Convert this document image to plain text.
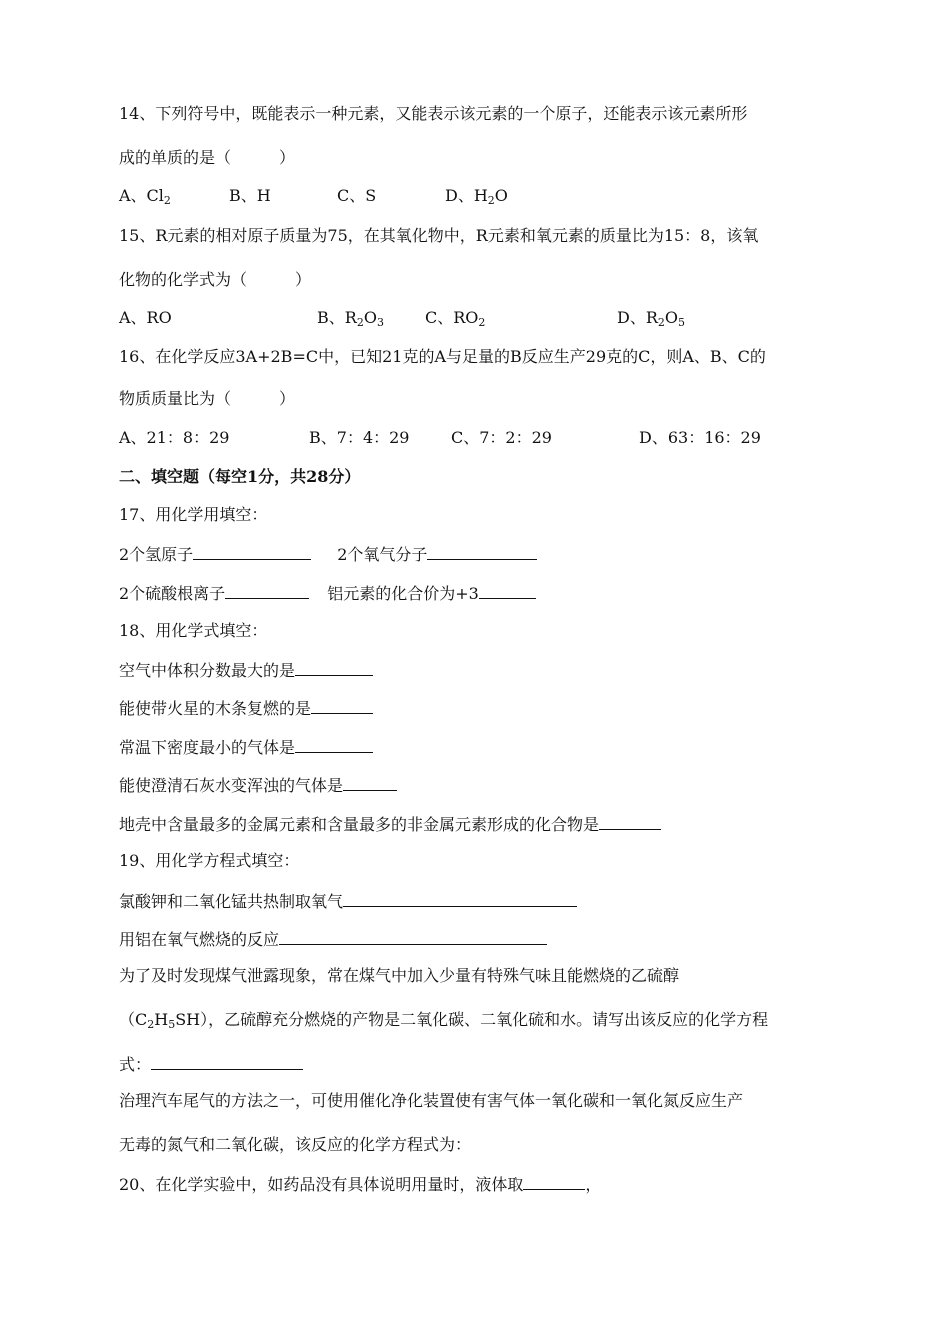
14、下列符号中，既能表示一种元素，又能表示该元素的一个原子，还能表示该元素所形
成的单质的是（　　　）
A、$Cl_2$	B、H	C、S	D、$H_2O$
15、R元素的相对原子质量为75，在其氧化物中，R元素和氧元素的质量比为15：8，该氧
化物的化学式为（　　　）
A、RO	B、$R_2O_3$	C、$RO_2$	D、$R_2O_5$
16、在化学反应3A+2B=C中，已知21克的A与足量的B反应生产29克的C，则A、B、C的
物质质量比为（　　　）
A、21：8：29	B、7：4：29	C、7：2：29	D、63：16：29
二、填空题（每空1分，共28分）
17、用化学用填空：
2个氢原子	2个氧气分子
2个硫酸根离子	铝元素的化合价为+3
18、用化学式填空：
空气中体积分数最大的是
能使带火星的木条复燃的是
常温下密度最小的气体是
能使澄清石灰水变浑浊的气体是
地壳中含量最多的金属元素和含量最多的非金属元素形成的化合物是
19、用化学方程式填空：
氯酸钾和二氧化锰共热制取氧气
用铝在氧气燃烧的反应
为了及时发现煤气泄露现象，常在煤气中加入少量有特殊气味且能燃烧的乙硫醇
$(C_2H_5SH)$，乙硫醇充分燃烧的产物是二氧化碳、二氧化硫和水。请写出该反应的化学方程
式：
治理汽车尾气的方法之一，可使用催化净化装置使有害气体一氧化碳和一氧化氮反应生产
无毒的氮气和二氧化碳，该反应的化学方程式为：
20、在化学实验中，如药品没有具体说明用量时，液体取	，
